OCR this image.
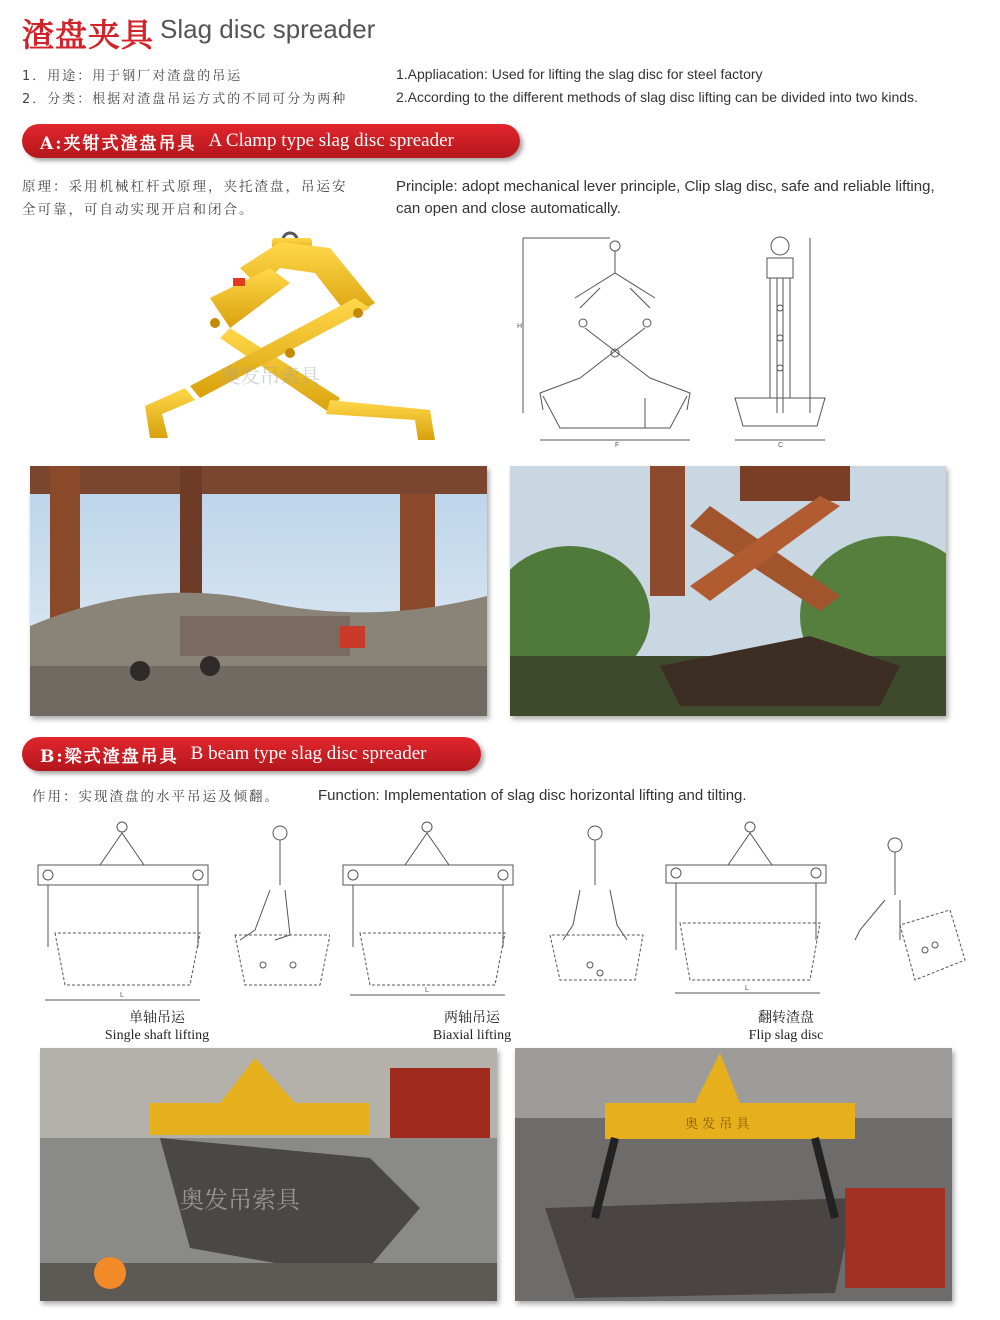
渣盘夹具 Slag disc spreader
1．用途：用于钢厂对渣盘的吊运
2．分类：根据对渣盘吊运方式的不同可分为两种
1.Appliacation: Used for lifting the slag disc for steel factory
2.According to the different methods of slag disc lifting can be divided into two kinds.
A:夹钳式渣盘吊具 A Clamp type slag disc spreader
原理：采用机械杠杆式原理，夹托渣盘，吊运安
全可靠，可自动实现开启和闭合。
Principle: adopt mechanical lever principle, Clip slag disc, safe and reliable lifting,
can open and close automatically.
奥发吊索具
F
H
C
B:梁式渣盘吊具 B beam type slag disc spreader
作用：实现渣盘的水平吊运及倾翻。	Function: Implementation of slag disc horizontal lifting and tilting.
L
L	L
单轴吊运
Single shaft lifting
两轴吊运
Biaxial lifting
翻转渣盘
Flip slag disc
奥发吊索具
奥 发 吊 具
